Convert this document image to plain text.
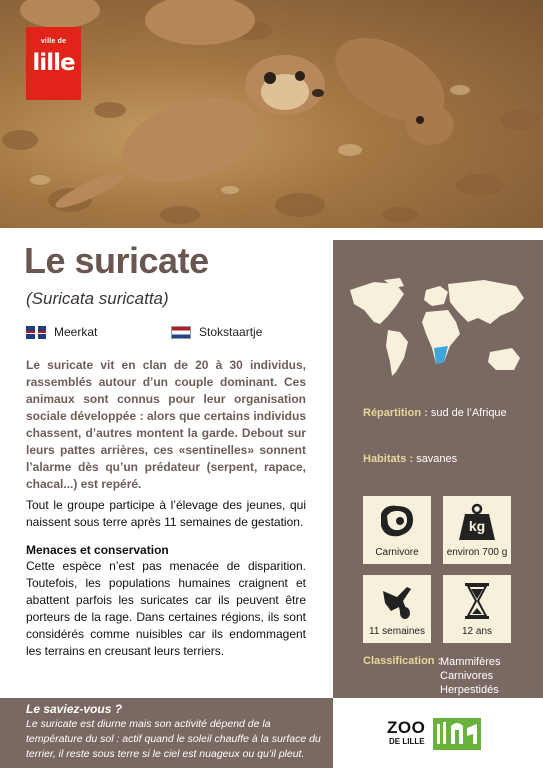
ville de
lille
Le suricate
(Suricata suricatta)
Meerkat	Stokstaartje

Le suricate vit en clan de 20 à 30 individus, rassemblés autour d’un couple dominant. Ces animaux sont connus pour leur organisation sociale développée : alors que certains individus chassent, d’autres montent la garde. Debout sur leurs pattes arrières, ces «sentinelles» sonnent l’alarme dès qu’un prédateur (serpent, rapace, chacal...) est repéré.

Tout le groupe participe à l’élevage des jeunes, qui naissent sous terre après 11 semaines de gestation.

Menaces et conservation

Cette espèce n’est pas menacée de disparition. Toutefois, les populations humaines craignent et abattent parfois les suricates car ils peuvent être porteurs de la rage. Dans certaines régions, ils sont considérés comme nuisibles car ils endommagent les terrains en creusant leurs terriers.

Répartition : sud de l’Afrique
Habitats : savanes
Carnivore
kg
environ 700 g
11 semaines	12 ans
Classification :
Mammifères
Carnivores
Herpestidés
Le saviez-vous ?
Le suricate est diurne mais son activité dépend de la température du sol : actif quand le soleil chauffe à la surface du terrier, il reste sous terre si le ciel est nuageux ou qu’il pleut.
ZOO
DE LILLE
